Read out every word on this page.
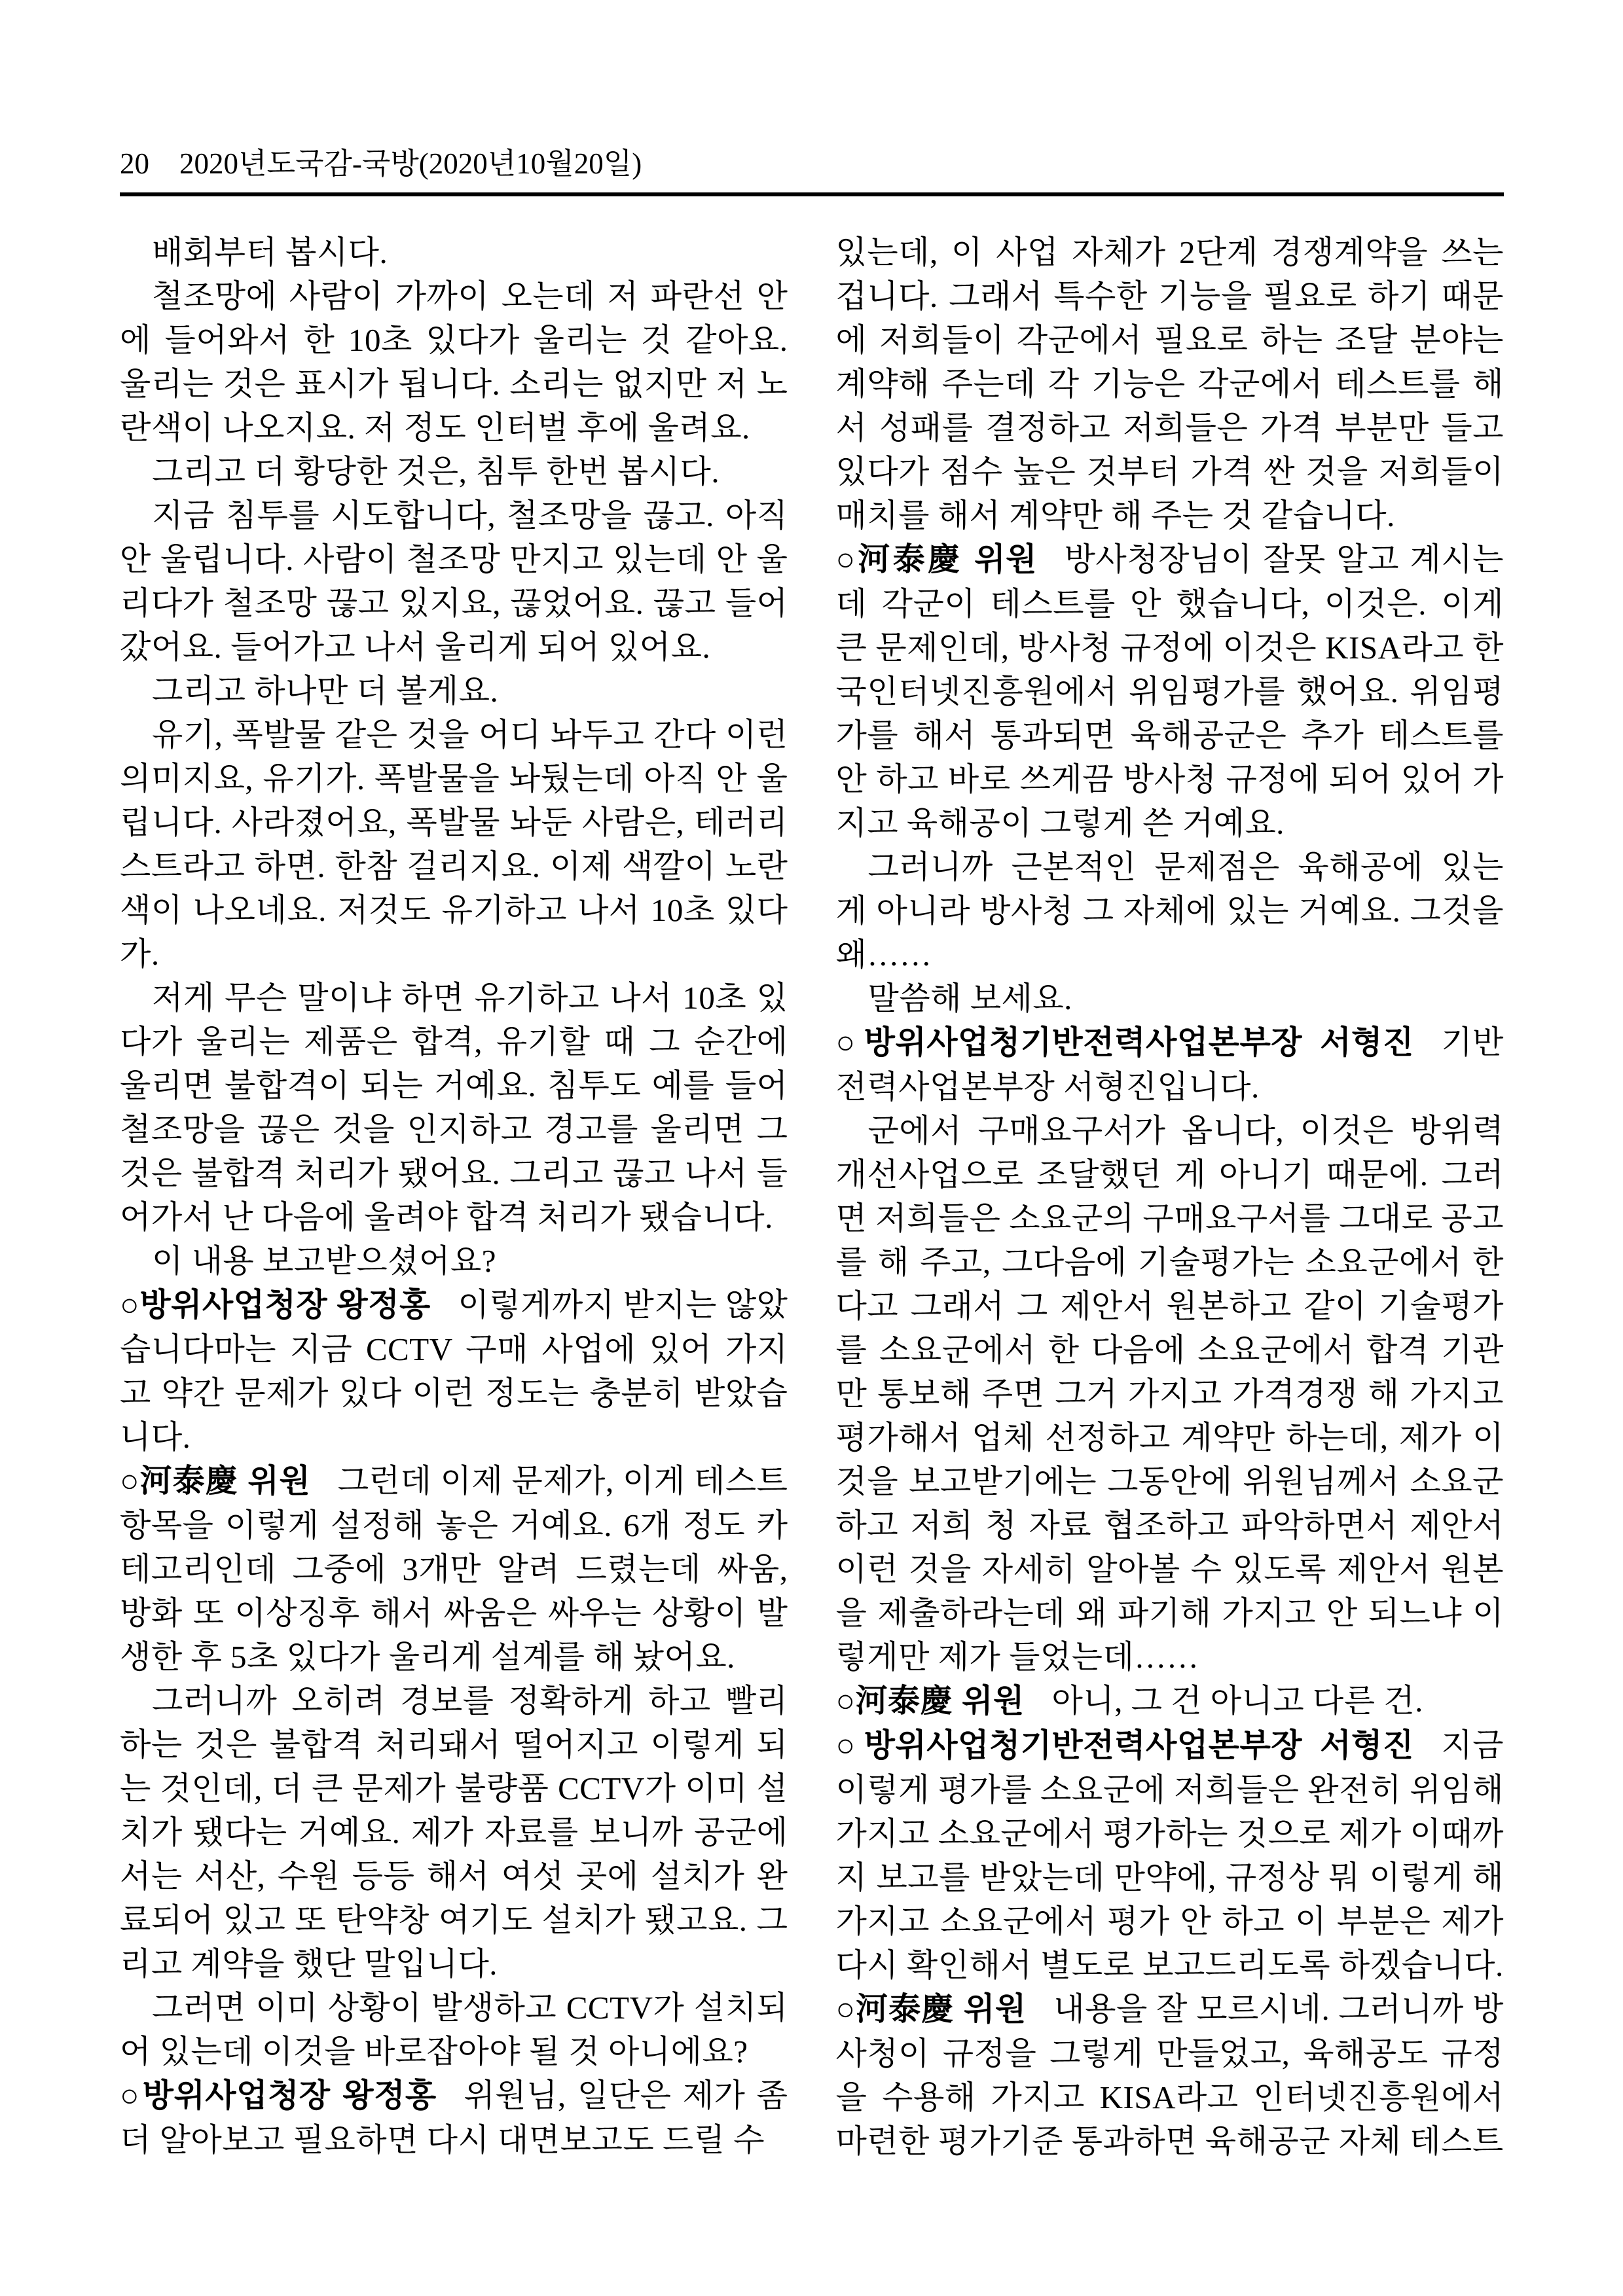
20 2020년도국감-국방(2020년10월20일)

배회부터 봅시다.

철조망에 사람이 가까이 오는데 저 파란선 안에 들어와서 한 10초 있다가 울리는 것 같아요. 울리는 것은 표시가 됩니다. 소리는 없지만 저 노란색이 나오지요. 저 정도 인터벌 후에 울려요.

그리고 더 황당한 것은, 침투 한번 봅시다.

지금 침투를 시도합니다, 철조망을 끊고. 아직 안 울립니다. 사람이 철조망 만지고 있는데 안 울리다가 철조망 끊고 있지요, 끊었어요. 끊고 들어갔어요. 들어가고 나서 울리게 되어 있어요.

그리고 하나만 더 볼게요.

유기, 폭발물 같은 것을 어디 놔두고 간다 이런 의미지요, 유기가. 폭발물을 놔뒀는데 아직 안 울립니다. 사라졌어요, 폭발물 놔둔 사람은, 테러리스트라고 하면. 한참 걸리지요. 이제 색깔이 노란색이 나오네요. 저것도 유기하고 나서 10초 있다가.

저게 무슨 말이냐 하면 유기하고 나서 10초 있다가 울리는 제품은 합격, 유기할 때 그 순간에 울리면 불합격이 되는 거예요. 침투도 예를 들어 철조망을 끊은 것을 인지하고 경고를 울리면 그것은 불합격 처리가 됐어요. 그리고 끊고 나서 들어가서 난 다음에 울려야 합격 처리가 됐습니다.

이 내용 보고받으셨어요?

○방위사업청장 왕정홍 이렇게까지 받지는 않았습니다마는 지금 CCTV 구매 사업에 있어 가지고 약간 문제가 있다 이런 정도는 충분히 받았습니다.

○河泰慶 위원 그런데 이제 문제가, 이게 테스트 항목을 이렇게 설정해 놓은 거예요. 6개 정도 카테고리인데 그중에 3개만 알려 드렸는데 싸움, 방화 또 이상징후 해서 싸움은 싸우는 상황이 발생한 후 5초 있다가 울리게 설계를 해 놨어요.

그러니까 오히려 경보를 정확하게 하고 빨리 하는 것은 불합격 처리돼서 떨어지고 이렇게 되는 것인데, 더 큰 문제가 불량품 CCTV가 이미 설치가 됐다는 거예요. 제가 자료를 보니까 공군에서는 서산, 수원 등등 해서 여섯 곳에 설치가 완료되어 있고 또 탄약창 여기도 설치가 됐고요. 그리고 계약을 했단 말입니다.

그러면 이미 상황이 발생하고 CCTV가 설치되어 있는데 이것을 바로잡아야 될 것 아니에요?

○방위사업청장 왕정홍 위원님, 일단은 제가 좀 더 알아보고 필요하면 다시 대면보고도 드릴 수

있는데, 이 사업 자체가 2단계 경쟁계약을 쓰는 겁니다. 그래서 특수한 기능을 필요로 하기 때문에 저희들이 각군에서 필요로 하는 조달 분야는 계약해 주는데 각 기능은 각군에서 테스트를 해서 성패를 결정하고 저희들은 가격 부분만 들고 있다가 점수 높은 것부터 가격 싼 것을 저희들이 매치를 해서 계약만 해 주는 것 같습니다.

○河泰慶 위원 방사청장님이 잘못 알고 계시는데 각군이 테스트를 안 했습니다, 이것은. 이게 큰 문제인데, 방사청 규정에 이것은 KISA라고 한국인터넷진흥원에서 위임평가를 했어요. 위임평가를 해서 통과되면 육해공군은 추가 테스트를 안 하고 바로 쓰게끔 방사청 규정에 되어 있어 가지고 육해공이 그렇게 쓴 거예요.

그러니까 근본적인 문제점은 육해공에 있는 게 아니라 방사청 그 자체에 있는 거예요. 그것을 왜……

말씀해 보세요.

○방위사업청기반전력사업본부장 서형진 기반전력사업본부장 서형진입니다.

군에서 구매요구서가 옵니다, 이것은 방위력개선사업으로 조달했던 게 아니기 때문에. 그러면 저희들은 소요군의 구매요구서를 그대로 공고를 해 주고, 그다음에 기술평가는 소요군에서 한다고 그래서 그 제안서 원본하고 같이 기술평가를 소요군에서 한 다음에 소요군에서 합격 기관만 통보해 주면 그거 가지고 가격경쟁 해 가지고 평가해서 업체 선정하고 계약만 하는데, 제가 이것을 보고받기에는 그동안에 위원님께서 소요군하고 저희 청 자료 협조하고 파악하면서 제안서 이런 것을 자세히 알아볼 수 있도록 제안서 원본을 제출하라는데 왜 파기해 가지고 안 되느냐 이렇게만 제가 들었는데……

○河泰慶 위원 아니, 그 건 아니고 다른 건.

○방위사업청기반전력사업본부장 서형진 지금 이렇게 평가를 소요군에 저희들은 완전히 위임해 가지고 소요군에서 평가하는 것으로 제가 이때까지 보고를 받았는데 만약에, 규정상 뭐 이렇게 해 가지고 소요군에서 평가 안 하고 이 부분은 제가 다시 확인해서 별도로 보고드리도록 하겠습니다.

○河泰慶 위원 내용을 잘 모르시네. 그러니까 방사청이 규정을 그렇게 만들었고, 육해공도 규정을 수용해 가지고 KISA라고 인터넷진흥원에서 마련한 평가기준 통과하면 육해공군 자체 테스트
